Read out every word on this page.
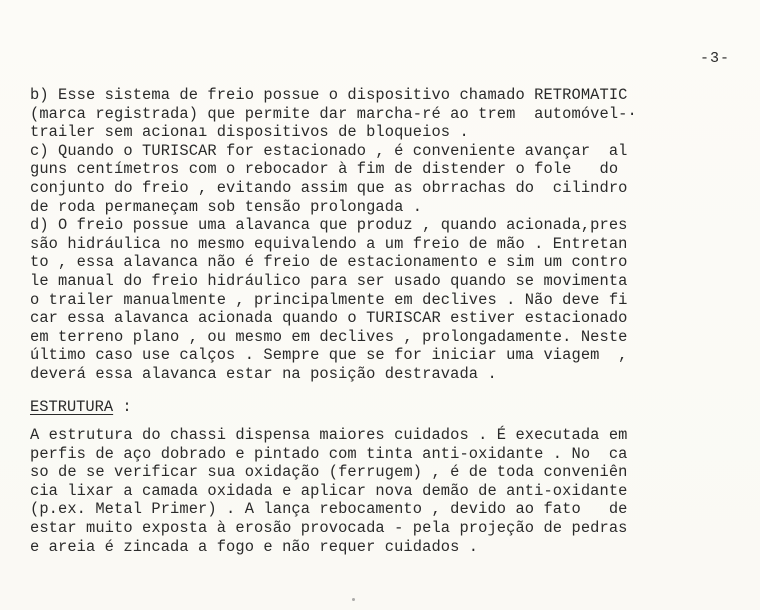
-3-

b) Esse sistema de freio possue o dispositivo chamado RETROMATIC

(marca registrada) que permite dar marcha-ré ao trem  automóvel-·

trailer sem acionaı dispositivos de bloqueios .

c) Quando o TURISCAR for estacionado , é conveniente avançar  al

guns centímetros com o rebocador à fim de distender o fole   do

conjunto do freio , evitando assim que as obrrachas do  cilindro

de roda permaneçam sob tensão prolongada .

d) O freio possue uma alavanca que produz , quando acionada,pres

são hidráulica no mesmo equivalendo a um freio de mão . Entretan

to , essa alavanca não é freio de estacionamento e sim um contro

le manual do freio hidráulico para ser usado quando se movimenta

o trailer manualmente , principalmente em declives . Não deve fi

car essa alavanca acionada quando o TURISCAR estiver estacionado

em terreno plano , ou mesmo em declives , prolongadamente. Neste

último caso use calços . Sempre que se for iniciar uma viagem  ,

deverá essa alavanca estar na posição destravada .

ESTRUTURA :

A estrutura do chassi dispensa maiores cuidados . É executada em

perfis de aço dobrado e pintado com tinta anti-oxidante . No  ca

so de se verificar sua oxidação (ferrugem) , é de toda conveniên

cia lixar a camada oxidada e aplicar nova demão de anti-oxidante

(p.ex. Metal Primer) . A lança rebocamento , devido ao fato   de

estar muito exposta à erosão provocada - pela projeção de pedras

e areia é zincada a fogo e não requer cuidados .
